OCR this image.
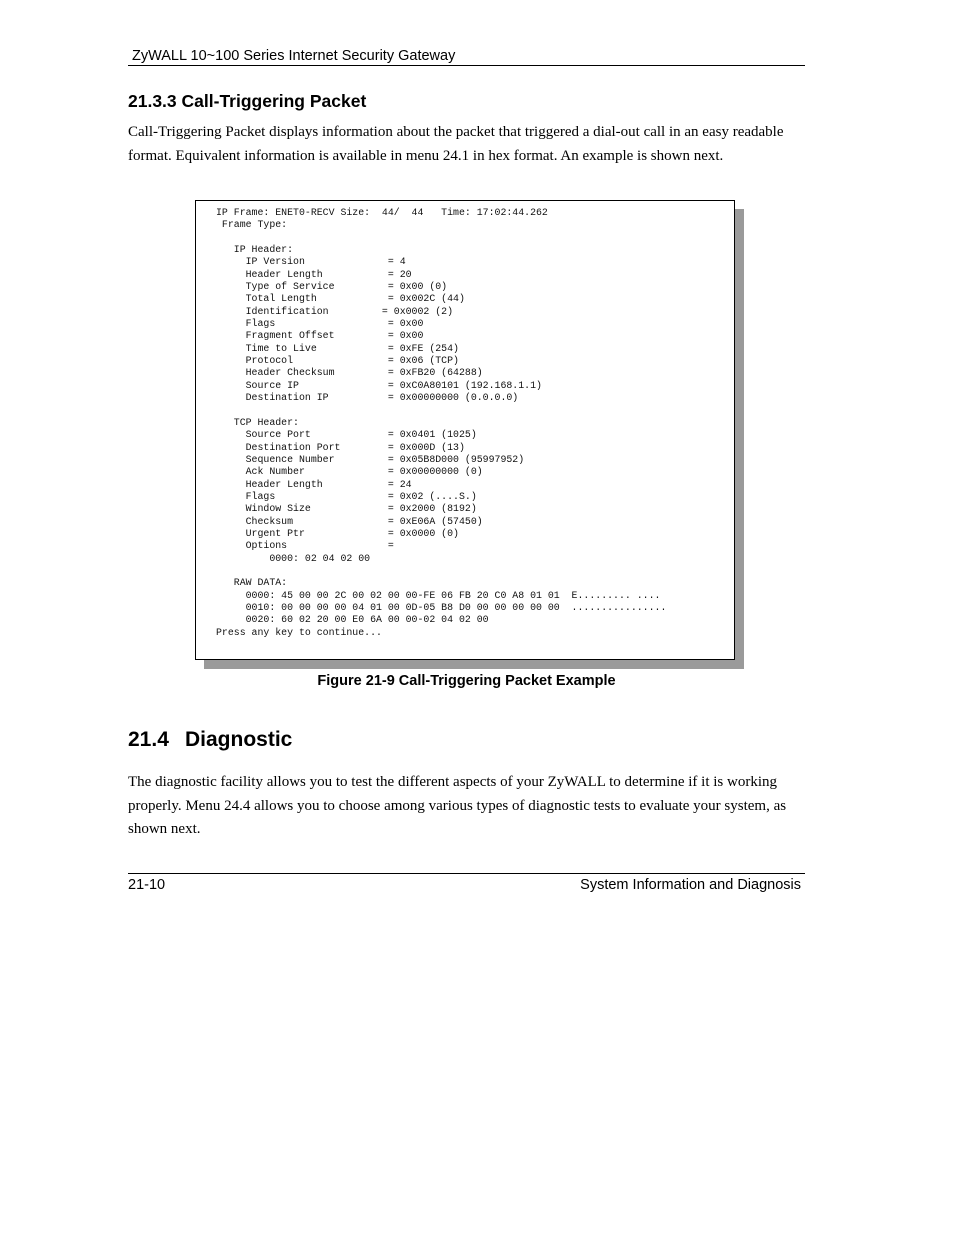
ZyWALL 10~100 Series Internet Security Gateway
21.3.3 Call-Triggering Packet

Call-Triggering Packet displays information about the packet that triggered a dial-out call in an easy readable format. Equivalent information is available in menu 24.1 in hex format. An example is shown next.

IP Frame: ENET0-RECV Size:  44/  44   Time: 17:02:44.262
Frame Type:

IP Header:
IP Version              = 4
Header Length           = 20
Type of Service         = 0x00 (0)
Total Length            = 0x002C (44)
Identification         = 0x0002 (2)
Flags                   = 0x00
Fragment Offset         = 0x00
Time to Live            = 0xFE (254)
Protocol                = 0x06 (TCP)
Header Checksum         = 0xFB20 (64288)
Source IP               = 0xC0A80101 (192.168.1.1)
Destination IP          = 0x00000000 (0.0.0.0)

TCP Header:
Source Port             = 0x0401 (1025)
Destination Port        = 0x000D (13)
Sequence Number         = 0x05B8D000 (95997952)
Ack Number              = 0x00000000 (0)
Header Length           = 24
Flags                   = 0x02 (....S.)
Window Size             = 0x2000 (8192)
Checksum                = 0xE06A (57450)
Urgent Ptr              = 0x0000 (0)
Options                 =
0000: 02 04 02 00

RAW DATA:
0000: 45 00 00 2C 00 02 00 00-FE 06 FB 20 C0 A8 01 01  E......... ....
0010: 00 00 00 00 04 01 00 0D-05 B8 D0 00 00 00 00 00  ................
0020: 60 02 20 00 E0 6A 00 00-02 04 02 00
Press any key to continue...
Figure 21-9 Call-Triggering Packet Example
21.4 Diagnostic

The diagnostic facility allows you to test the different aspects of your ZyWALL to determine if it is working properly. Menu 24.4 allows you to choose among various types of diagnostic tests to evaluate your system, as shown next.

21-10	System Information and Diagnosis
